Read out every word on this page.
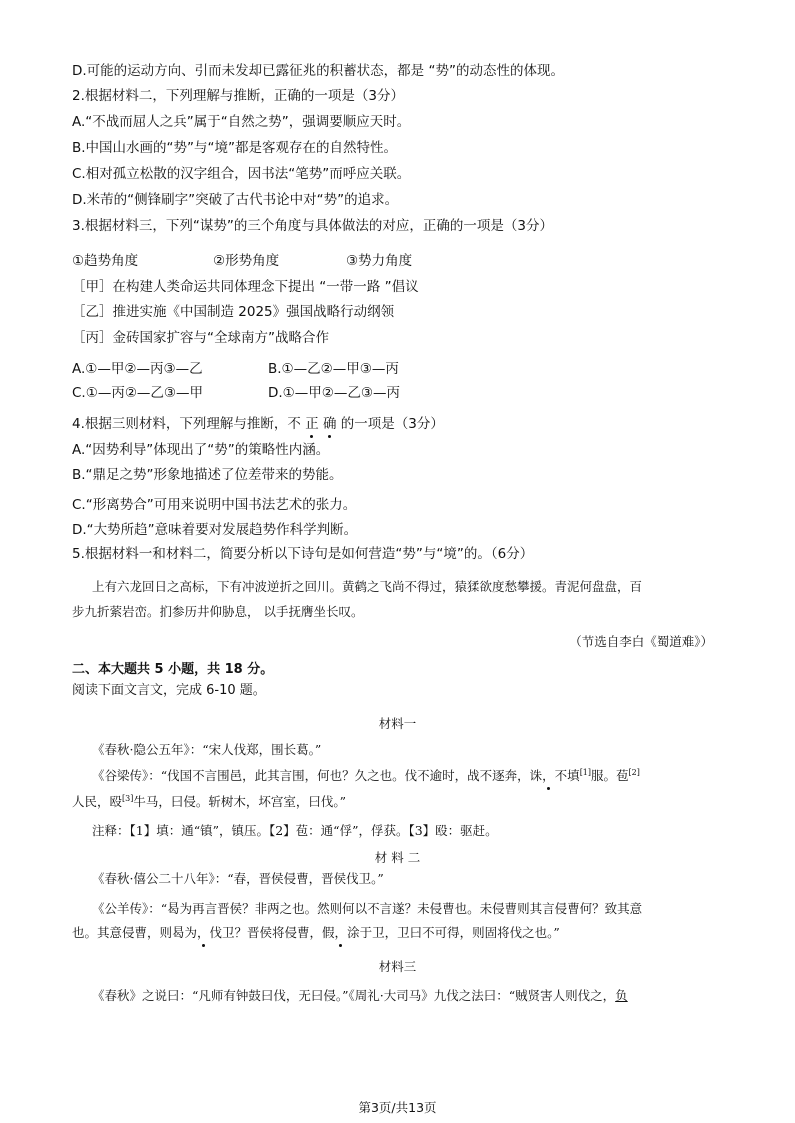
D.可能的运动方向、引而未发却已露征兆的积蓄状态，都是 “势”的动态性的体现。
2.根据材料二，下列理解与推断，正确的一项是（3分）
A.“不战而屈人之兵”属于“自然之势”，强调要顺应天时。
B.中国山水画的“势”与“境”都是客观存在的自然特性。
C.相对孤立松散的汉字组合，因书法“笔势”而呼应关联。
D.米芾的“侧锋刷字”突破了古代书论中对“势”的追求。
3.根据材料三，下列“谋势”的三个角度与具体做法的对应，正确的一项是（3分）
①趋势角度	②形势角度	③势力角度
［甲］在构建人类命运共同体理念下提出 “一带一路 ”倡议
［乙］推进实施《中国制造 2025》强国战略行动纲领
［丙］金砖国家扩容与“全球南方”战略合作
A.①—甲②—丙③—乙	B.①—乙②—甲③—丙
C.①—丙②—乙③—甲	D.①—甲②—乙③—丙
4.根据三则材料，下列理解与推断，不 正 确 的一项是（3分）
A.“因势利导”体现出了“势”的策略性内涵。
B.“鼎足之势”形象地描述了位差带来的势能。
C.“形离势合”可用来说明中国书法艺术的张力。
D.“大势所趋”意味着要对发展趋势作科学判断。
5.根据材料一和材料二，简要分析以下诗句是如何营造“势”与“境”的。（6分）
上有六龙回日之高标，下有冲波逆折之回川。黄鹤之飞尚不得过，猿猱欲度愁攀援。青泥何盘盘，百
步九折萦岩峦。扪参历井仰胁息， 以手抚膺坐长叹。
（节选自李白《蜀道难》）
二、本大题共 5 小题，共 18 分。
阅读下面文言文，完成 6-10 题。
材料一
《春秋·隐公五年》：“宋人伐郑，围长葛。”
《谷梁传》：“伐国不言围邑，此其言围，何也？久之也。伐不逾时，战不逐奔，诛，不填[1]服。苞[2]
人民，殴[3]牛马，曰侵。斩树木，坏宫室，曰伐。”
注释：【1】填：通“镇”，镇压。【2】苞：通“俘”，俘获。【3】殴：驱赶。
材 料 二
《春秋·僖公二十八年》：“春，晋侯侵曹，晋侯伐卫。”
《公羊传》：“曷为再言晋侯？非两之也。然则何以不言遂？未侵曹也。未侵曹则其言侵曹何？致其意
也。其意侵曹，则曷为，伐卫？晋侯将侵曹，假，涂于卫，卫曰不可得，则固将伐之也。”
材料三
《春秋》之说曰：“凡师有钟鼓曰伐，无曰侵。”《周礼·大司马》九伐之法曰：“贼贤害人则伐之，负
第3页/共13页
